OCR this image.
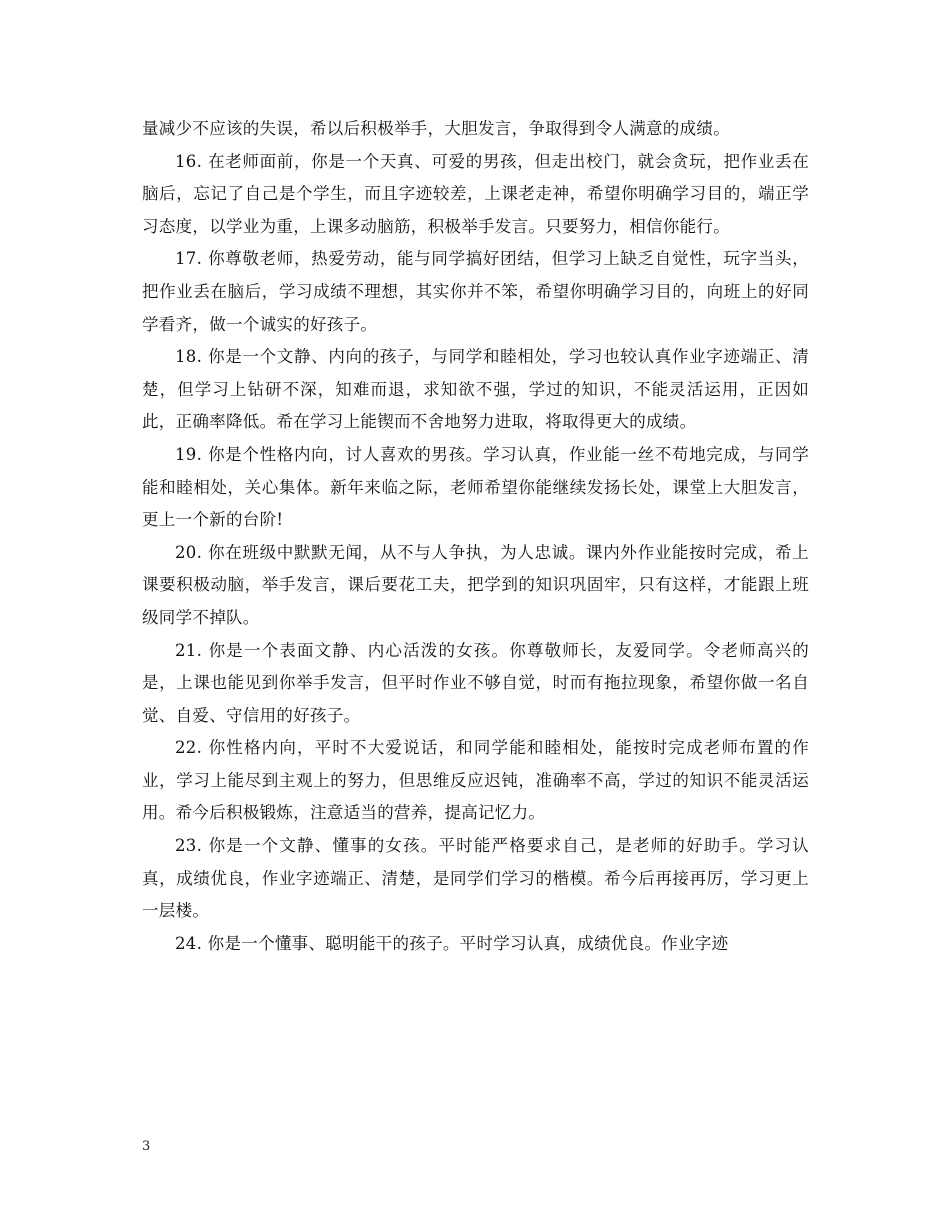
量减少不应该的失误，希以后积极举手，大胆发言，争取得到令人满意的成绩。

16. 在老师面前，你是一个天真、可爱的男孩，但走出校门，就会贪玩，把作业丢在脑后，忘记了自己是个学生，而且字迹较差，上课老走神，希望你明确学习目的，端正学习态度，以学业为重，上课多动脑筋，积极举手发言。只要努力，相信你能行。

17. 你尊敬老师，热爱劳动，能与同学搞好团结，但学习上缺乏自觉性，玩字当头，把作业丢在脑后，学习成绩不理想，其实你并不笨，希望你明确学习目的，向班上的好同学看齐，做一个诚实的好孩子。

18. 你是一个文静、内向的孩子，与同学和睦相处，学习也较认真作业字迹端正、清楚，但学习上钻研不深，知难而退，求知欲不强，学过的知识，不能灵活运用，正因如此，正确率降低。希在学习上能锲而不舍地努力进取，将取得更大的成绩。

19. 你是个性格内向，讨人喜欢的男孩。学习认真，作业能一丝不苟地完成，与同学能和睦相处，关心集体。新年来临之际，老师希望你能继续发扬长处，课堂上大胆发言，更上一个新的台阶!

20. 你在班级中默默无闻，从不与人争执，为人忠诚。课内外作业能按时完成，希上课要积极动脑，举手发言，课后要花工夫，把学到的知识巩固牢，只有这样，才能跟上班级同学不掉队。

21. 你是一个表面文静、内心活泼的女孩。你尊敬师长，友爱同学。令老师高兴的是，上课也能见到你举手发言，但平时作业不够自觉，时而有拖拉现象，希望你做一名自觉、自爱、守信用的好孩子。

22. 你性格内向，平时不大爱说话，和同学能和睦相处，能按时完成老师布置的作业，学习上能尽到主观上的努力，但思维反应迟钝，准确率不高，学过的知识不能灵活运用。希今后积极锻炼，注意适当的营养，提高记忆力。

23. 你是一个文静、懂事的女孩。平时能严格要求自己，是老师的好助手。学习认真，成绩优良，作业字迹端正、清楚，是同学们学习的楷模。希今后再接再厉，学习更上一层楼。

24. 你是一个懂事、聪明能干的孩子。平时学习认真，成绩优良。作业字迹

3
